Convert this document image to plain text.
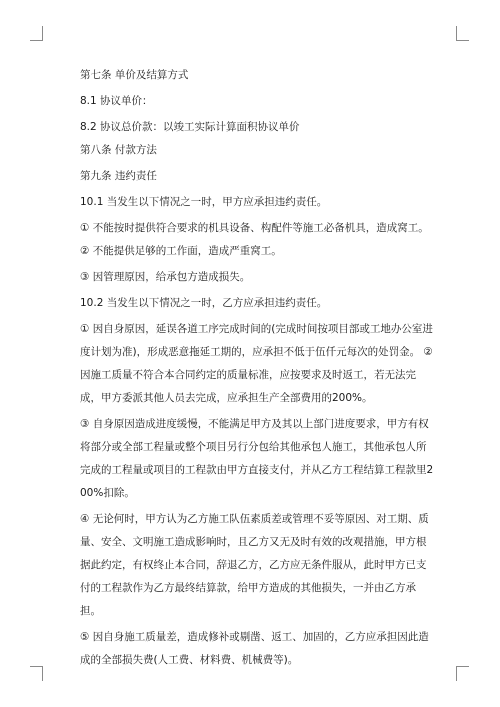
第七条 单价及结算方式

8.1 协议单价：

8.2 协议总价款：以竣工实际计算面积协议单价

第八条 付款方法

第九条 违约责任

10.1 当发生以下情况之一时，甲方应承担违约责任。

① 不能按时提供符合要求的机具设备、构配件等施工必备机具，造成窝工。 ② 不能提供足够的工作面，造成严重窝工。

③ 因管理原因，给承包方造成损失。

10.2 当发生以下情况之一时，乙方应承担违约责任。

① 因自身原因，延误各道工序完成时间的(完成时间按项目部或工地办公室进度计划为准)，形成恶意拖延工期的，应承担不低于伍仟元每次的处罚金。 ② 因施工质量不符合本合同约定的质量标准，应按要求及时返工，若无法完成，甲方委派其他人员去完成，应承担生产全部费用的200%。

③ 自身原因造成进度缓慢，不能满足甲方及其以上部门进度要求，甲方有权将部分或全部工程量或整个项目另行分包给其他承包人施工，其他承包人所完成的工程量或项目的工程款由甲方直接支付，并从乙方工程结算工程款里200%扣除。

④ 无论何时，甲方认为乙方施工队伍素质差或管理不妥等原因、对工期、质量、安全、文明施工造成影响时，且乙方又无及时有效的改观措施，甲方根据此约定，有权终止本合同，辞退乙方，乙方应无条件服从，此时甲方已支付的工程款作为乙方最终结算款，给甲方造成的其他损失，一并由乙方承担。

⑤ 因自身施工质量差，造成修补或剔凿、返工、加固的，乙方应承担因此造成的全部损失费(人工费、材料费、机械费等)。
